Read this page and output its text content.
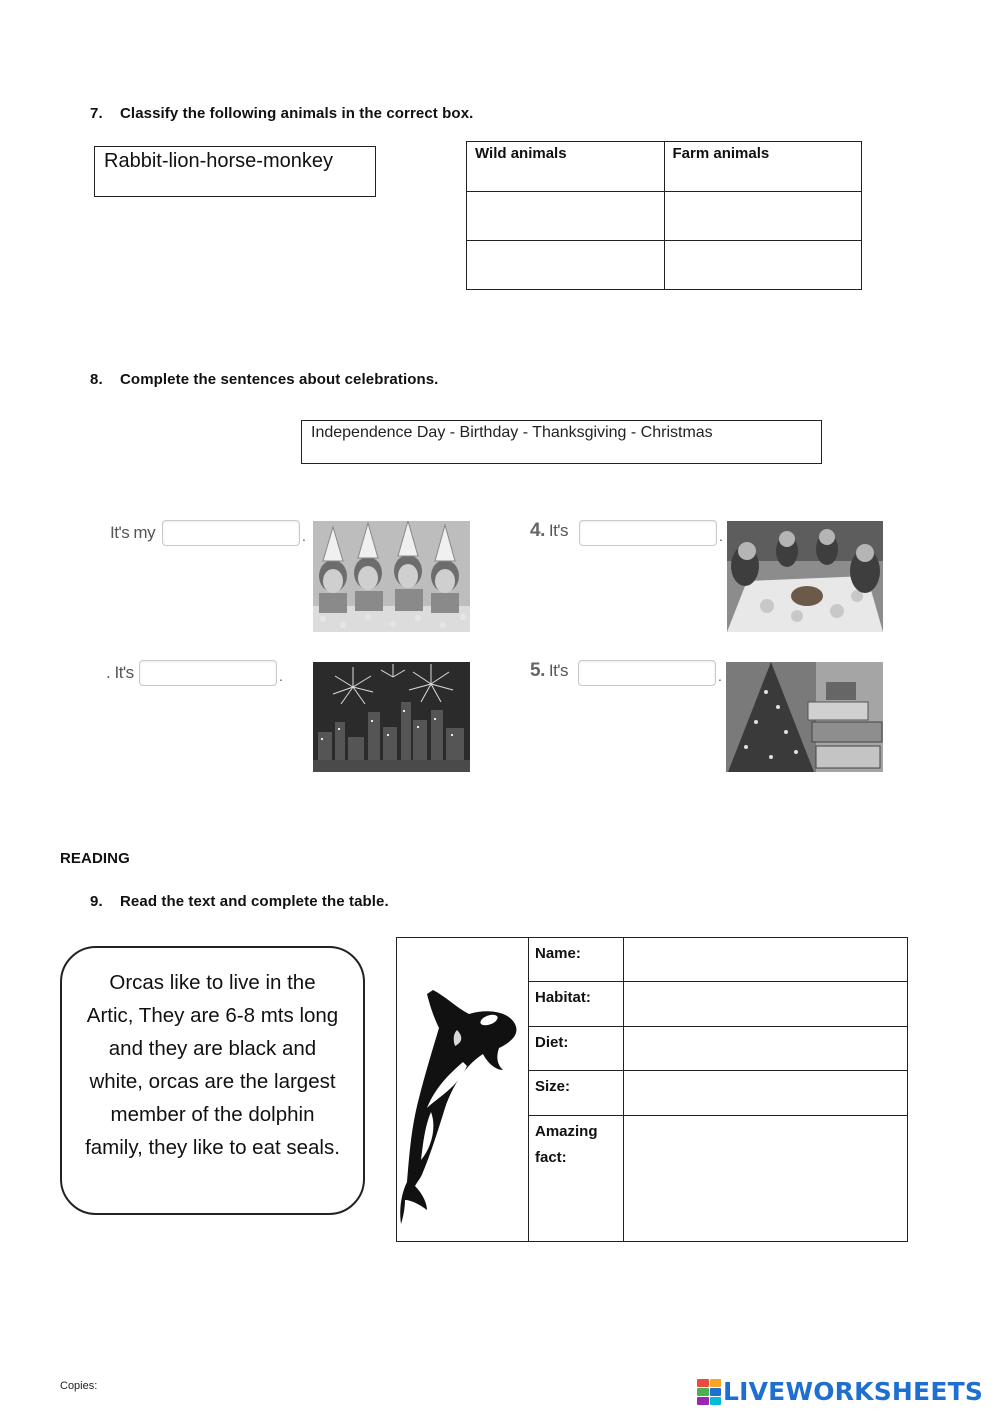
7. Classify the following animals in the correct box.
Rabbit-lion-horse-monkey	Wild animals	Farm animals

8. Complete the sentences about celebrations.
Independence Day - Birthday - Thanksgiving - Christmas
It's my	.	4. It's	.
. It's	.	5. It's	.
READING
9. Read the text and complete the table.
Orcas like to live in the Artic, They are 6-8 mts long and they are black and white, orcas are the largest member of the dolphin family, they like to eat seals.
	Name:	
	Habitat:	
	Diet:	
	Size:	
	Amazing fact:	
Copies:	LIVEWORKSHEETS
